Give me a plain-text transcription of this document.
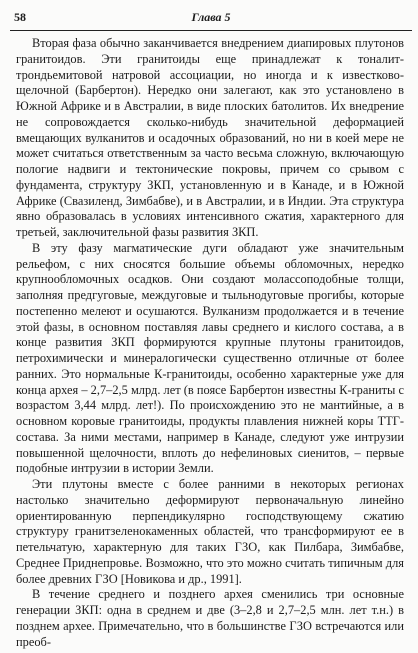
58	Глава 5

Вторая фаза обычно заканчивается внедрением диапировых плутонов гранитоидов. Эти гранитоиды еще принадлежат к тоналит-трондьемитовой натровой ассоциации, но иногда и к известково-щелочной (Барбертон). Нередко они залегают, как это установлено в Южной Африке и в Австралии, в виде плоских батолитов. Их внедрение не сопровождается сколько-нибудь значительной деформацией вмещающих вулканитов и осадочных образований, но ни в коей мере не может считаться ответственным за часто весьма сложную, включающую пологие надвиги и тектонические покровы, причем со срывом с фундамента, структуру ЗКП, установленную и в Канаде, и в Южной Африке (Свазиленд, Зимбабве), и в Австралии, и в Индии. Эта структура явно образовалась в условиях интенсивного сжатия, характерного для третьей, заключительной фазы развития ЗКП.

В эту фазу магматические дуги обладают уже значительным рельефом, с них сносятся большие объемы обломочных, нередко крупнообломочных осадков. Они создают молассоподобные толщи, заполняя предгуговые, междуговые и тыльнодуговые прогибы, которые постепенно мелеют и осушаются. Вулканизм продолжается и в течение этой фазы, в основном поставляя лавы среднего и кислого состава, а в конце развития ЗКП формируются крупные плутоны гранитоидов, петрохимически и минералогически существенно отличные от более ранних. Это нормальные К-гранитоиды, особенно характерные уже для конца архея – 2,7–2,5 млрд. лет (в поясе Барбертон известны К-граниты с возрастом 3,44 млрд. лет!). По происхождению это не мантийные, а в основном коровые гранитоиды, продукты плавления нижней коры ТТГ-состава. За ними местами, например в Канаде, следуют уже интрузии повышенной щелочности, вплоть до нефелиновых сиенитов, – первые подобные интрузии в истории Земли.

Эти плутоны вместе с более ранними в некоторых регионах настолько значительно деформируют первоначальную линейно ориентированную перпендикулярно господствующему сжатию структуру гранитзеленокаменных областей, что трансформируют ее в петельчатую, характерную для таких ГЗО, как Пилбара, Зимбабве, Среднее Приднепровье. Возможно, что это можно считать типичным для более древних ГЗО [Новикова и др., 1991].

В течение среднего и позднего архея сменились три основные генерации ЗКП: одна в среднем и две (3–2,8 и 2,7–2,5 млн. лет т.н.) в позднем архее. Примечательно, что в большинстве ГЗО встречаются или преоб-
